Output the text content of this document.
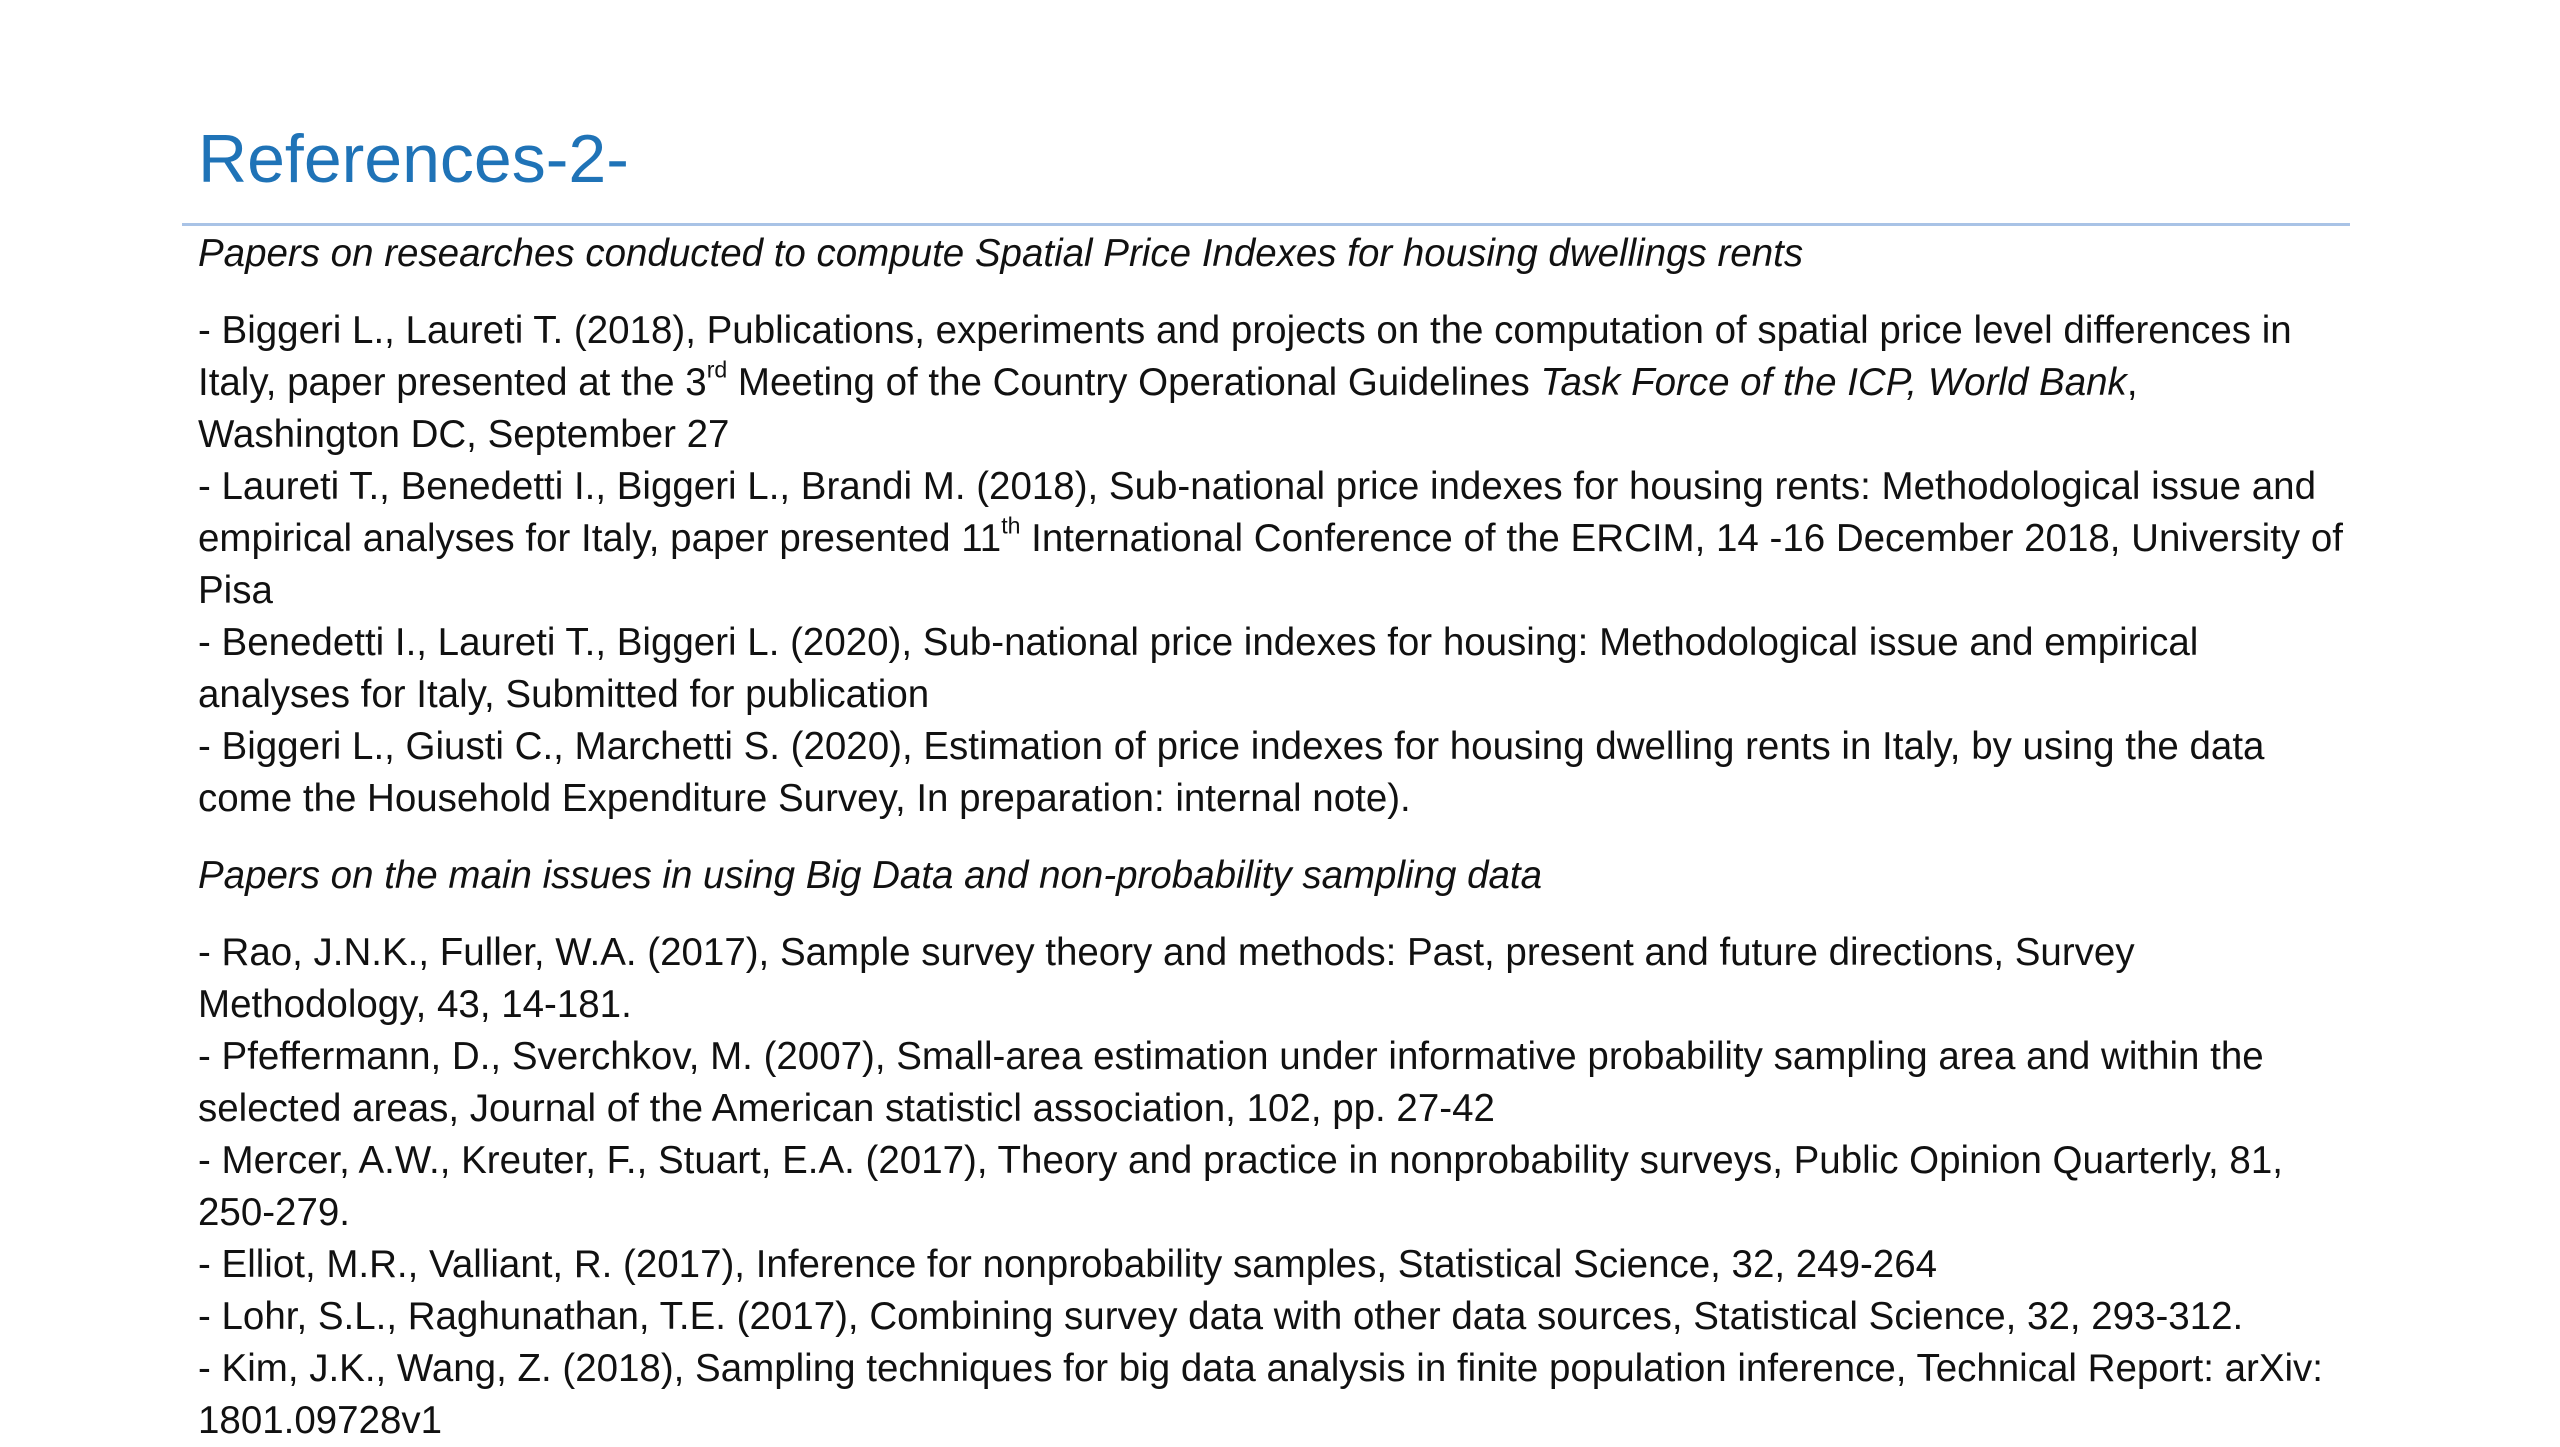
References-2-

Papers on researches conducted to compute Spatial Price Indexes for housing dwellings rents

- Biggeri L., Laureti T. (2018), Publications, experiments and projects on the computation of spatial price level differences in Italy, paper presented at the 3rd Meeting of the Country Operational Guidelines Task Force of the ICP, World Bank, Washington DC, September 27

- Laureti T., Benedetti I., Biggeri L., Brandi M. (2018), Sub-national price indexes for housing rents: Methodological issue and empirical analyses for Italy, paper presented 11th International Conference of the ERCIM, 14 -16 December 2018, University of Pisa

- Benedetti I., Laureti T., Biggeri L. (2020), Sub-national price indexes for housing: Methodological issue and empirical analyses for Italy, Submitted for publication

- Biggeri L., Giusti C., Marchetti S. (2020), Estimation of price indexes for housing dwelling rents in Italy, by using the data come the Household Expenditure Survey, In preparation: internal note).

Papers on the main issues in using Big Data and non-probability sampling data

- Rao, J.N.K., Fuller, W.A. (2017), Sample survey theory and methods: Past, present and future directions, Survey Methodology, 43, 14-181.

- Pfeffermann, D., Sverchkov, M. (2007), Small-area estimation under informative probability sampling area and within the selected areas, Journal of the American statisticl association, 102, pp. 27-42

- Mercer, A.W., Kreuter, F., Stuart, E.A. (2017), Theory and practice in nonprobability surveys, Public Opinion Quarterly, 81, 250-279.

- Elliot, M.R., Valliant, R. (2017), Inference for nonprobability samples, Statistical Science, 32, 249-264

- Lohr, S.L., Raghunathan, T.E. (2017), Combining survey data with other data sources, Statistical Science, 32, 293-312.

- Kim, J.K., Wang, Z. (2018), Sampling techniques for big data analysis in finite population inference, Technical Report: arXiv: 1801.09728v1
